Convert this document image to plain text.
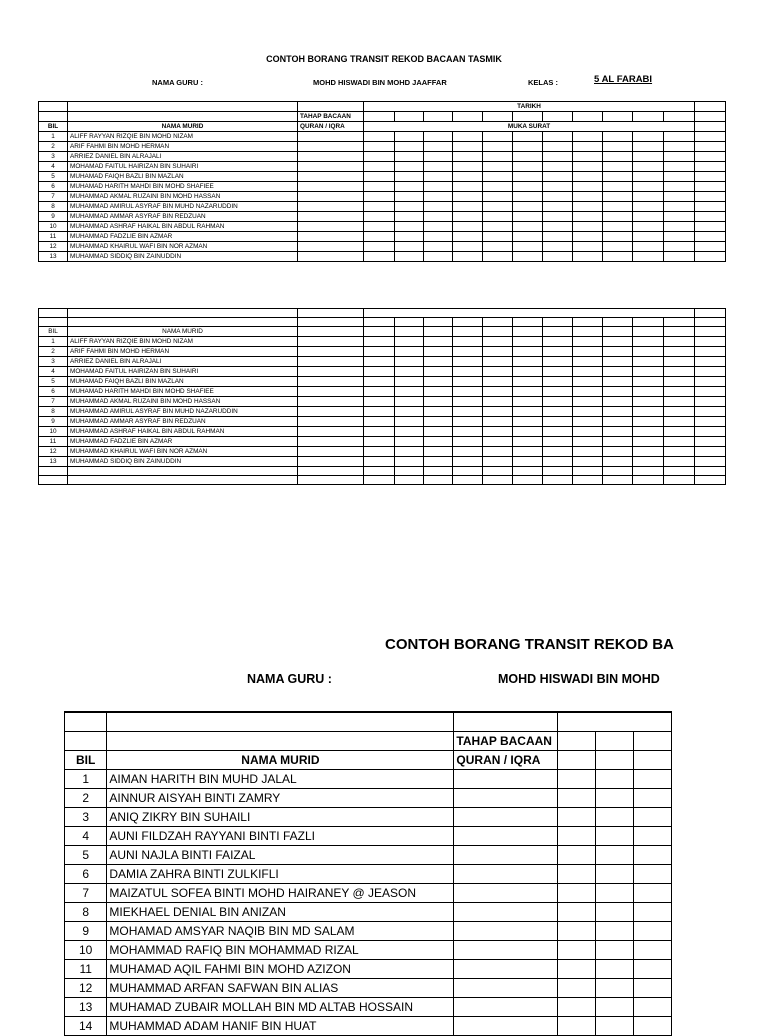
CONTOH BORANG TRANSIT REKOD BACAAN TASMIK
NAMA GURU :	MOHD HISWADI BIN MOHD JAAFFAR	KELAS :	5 AL FARABI
			TARIKH											
		TAHAP BACAAN												
BIL	NAMA MURID	QURAN / IQRA	MUKA SURAT											
1	ALIFF RAYYAN RIZQIE BIN MOHD NIZAM													
2	ARIF FAHMI BIN MOHD HERMAN													
3	ARRIEZ DANIEL BIN ALRAJALI													
4	MOHAMAD FAITUL HAIRIZAN BIN SUHAIRI													
5	MUHAMAD FAIQH BAZLI BIN MAZLAN													
6	MUHAMAD HARITH MAHDI BIN MOHD SHAFIEE													
7	MUHAMMAD AKMAL RUZAINI BIN MOHD HASSAN													
8	MUHAMMAD AMIRUL ASYRAF BIN MUHD NAZARUDDIN													
9	MUHAMMAD AMMAR ASYRAF BIN REDZUAN													
10	MUHAMMAD ASHRAF HAIKAL BIN ABDUL RAHMAN													
11	MUHAMMAD FADZLIE BIN AZMAR													
12	MUHAMMAD KHAIRUL WAFI BIN NOR AZMAN													
13	MUHAMMAD SIDDIQ BIN ZAINUDDIN													

BIL	NAMA MURID													
1	ALIFF RAYYAN RIZQIE BIN MOHD NIZAM													
2	ARIF FAHMI BIN MOHD HERMAN													
3	ARRIEZ DANIEL BIN ALRAJALI													
4	MOHAMAD FAITUL HAIRIZAN BIN SUHAIRI													
5	MUHAMAD FAIQH BAZLI BIN MAZLAN													
6	MUHAMAD HARITH MAHDI BIN MOHD SHAFIEE													
7	MUHAMMAD AKMAL RUZAINI BIN MOHD HASSAN													
8	MUHAMMAD AMIRUL ASYRAF BIN MUHD NAZARUDDIN													
9	MUHAMMAD AMMAR ASYRAF BIN REDZUAN													
10	MUHAMMAD ASHRAF HAIKAL BIN ABDUL RAHMAN													
11	MUHAMMAD FADZLIE BIN AZMAR													
12	MUHAMMAD KHAIRUL WAFI BIN NOR AZMAN													
13	MUHAMMAD SIDDIQ BIN ZAINUDDIN													

CONTOH BORANG TRANSIT REKOD BA
NAMA GURU :	MOHD HISWADI BIN MOHD

		TAHAP BACAAN			
BIL	NAMA MURID	QURAN / IQRA			
1	AIMAN HARITH BIN MUHD JALAL				
2	AINNUR AISYAH BINTI ZAMRY				
3	ANIQ ZIKRY BIN SUHAILI				
4	AUNI FILDZAH RAYYANI BINTI FAZLI				
5	AUNI NAJLA BINTI FAIZAL				
6	DAMIA ZAHRA BINTI ZULKIFLI				
7	MAIZATUL SOFEA BINTI MOHD HAIRANEY @ JEASON				
8	MIEKHAEL DENIAL BIN ANIZAN				
9	MOHAMAD AMSYAR NAQIB BIN MD SALAM				
10	MOHAMMAD RAFIQ BIN MOHAMMAD RIZAL				
11	MUHAMAD AQIL FAHMI BIN MOHD AZIZON				
12	MUHAMMAD ARFAN SAFWAN BIN ALIAS				
13	MUHAMAD ZUBAIR MOLLAH BIN MD ALTAB HOSSAIN				
14	MUHAMMAD ADAM HANIF BIN HUAT				
